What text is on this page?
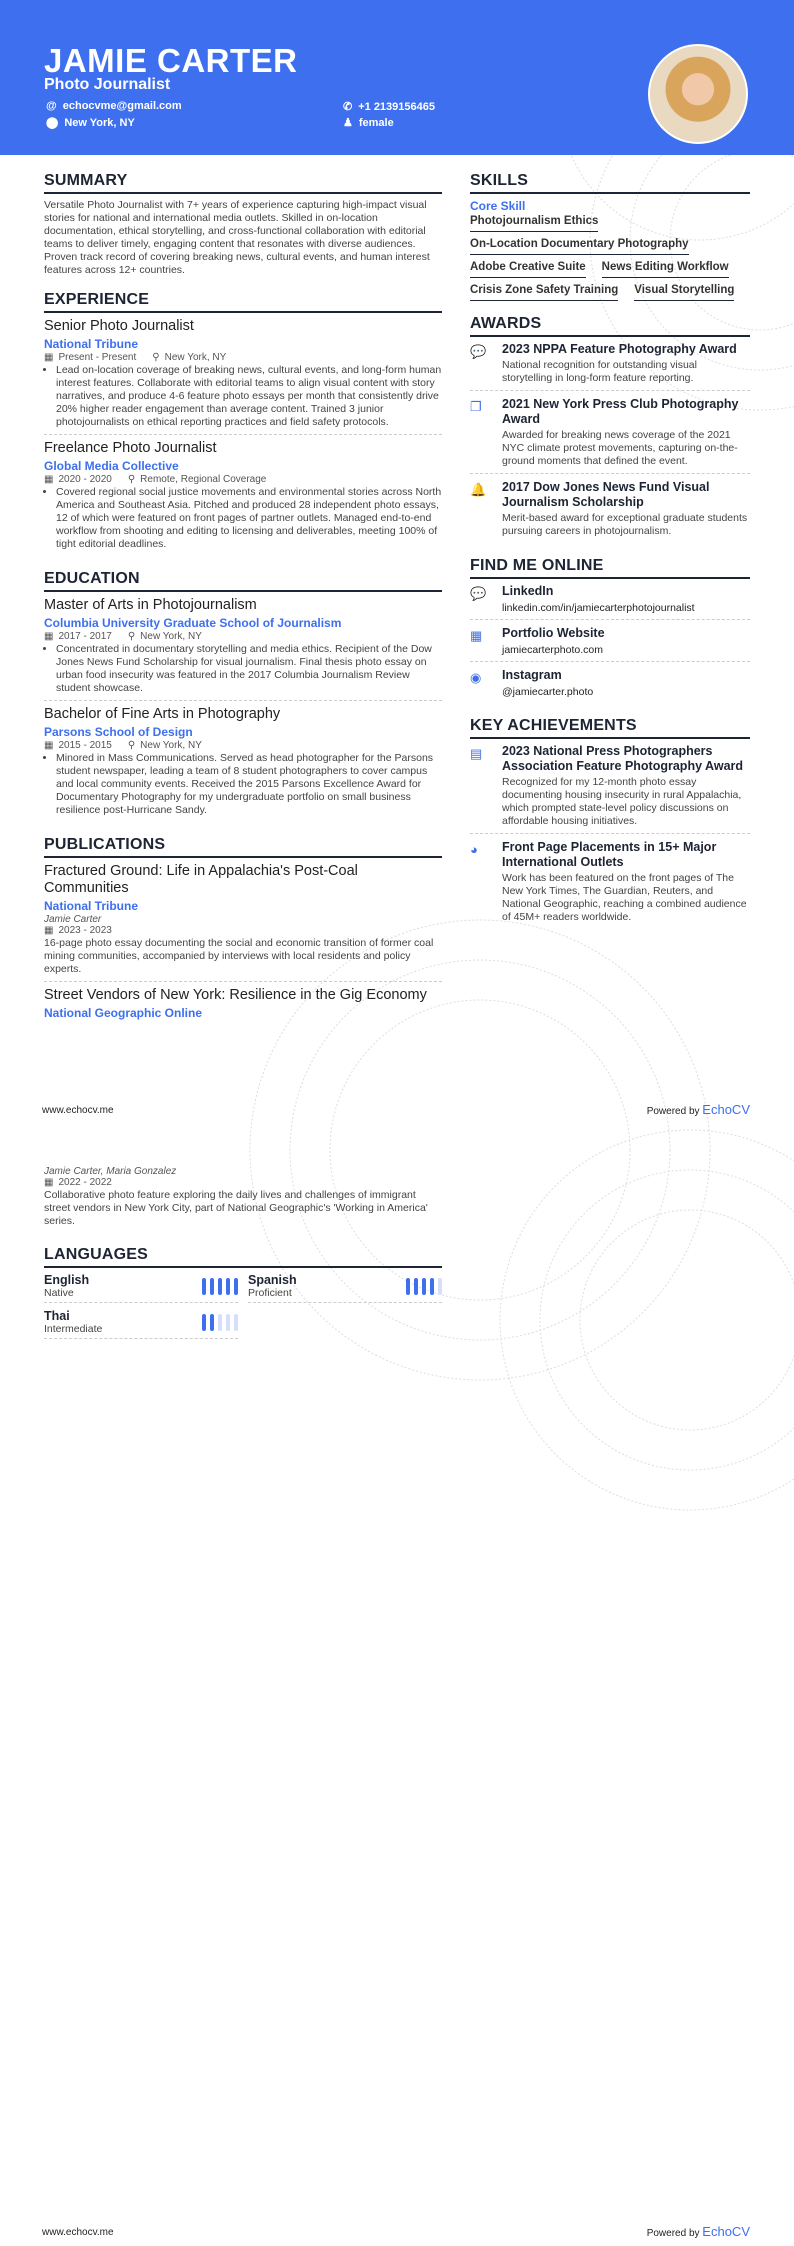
JAMIE CARTER
Photo Journalist
@ echocvme@gmail.com
⬤ New York, NY
✆ +1 2139156465
♟ female
SUMMARY

Versatile Photo Journalist with 7+ years of experience capturing high-impact visual stories for national and international media outlets. Skilled in on-location documentation, ethical storytelling, and cross-functional collaboration with editorial teams to deliver timely, engaging content that resonates with diverse audiences. Proven track record of covering breaking news, cultural events, and human interest features across 12+ countries.

EXPERIENCE
Senior Photo Journalist
National Tribune
▦ Present - Present ⚲ New York, NY
• Lead on-location coverage of breaking news, cultural events, and long-form human interest features. Collaborate with editorial teams to align visual content with story narratives, and produce 4-6 feature photo essays per month that consistently drive 20% higher reader engagement than average content. Trained 3 junior photojournalists on ethical reporting practices and field safety protocols.
Freelance Photo Journalist
Global Media Collective
▦ 2020 - 2020 ⚲ Remote, Regional Coverage
• Covered regional social justice movements and environmental stories across North America and Southeast Asia. Pitched and produced 28 independent photo essays, 12 of which were featured on front pages of partner outlets. Managed end-to-end workflow from shooting and editing to licensing and deliverables, meeting 100% of tight editorial deadlines.
EDUCATION
Master of Arts in Photojournalism
Columbia University Graduate School of Journalism
▦ 2017 - 2017 ⚲ New York, NY
• Concentrated in documentary storytelling and media ethics. Recipient of the Dow Jones News Fund Scholarship for visual journalism. Final thesis photo essay on urban food insecurity was featured in the 2017 Columbia Journalism Review student showcase.
Bachelor of Fine Arts in Photography
Parsons School of Design
▦ 2015 - 2015 ⚲ New York, NY
• Minored in Mass Communications. Served as head photographer for the Parsons student newspaper, leading a team of 8 student photographers to cover campus and local community events. Received the 2015 Parsons Excellence Award for Documentary Photography for my undergraduate portfolio on small business resilience post-Hurricane Sandy.
PUBLICATIONS
Fractured Ground: Life in Appalachia's Post-Coal Communities
National Tribune
Jamie Carter
▦ 2023 - 2023

16-page photo essay documenting the social and economic transition of former coal mining communities, accompanied by interviews with local residents and policy experts.

Street Vendors of New York: Resilience in the Gig Economy
National Geographic Online
SKILLS
Core Skill
Photojournalism Ethics
On-Location Documentary Photography
Adobe Creative Suite News Editing Workflow
Crisis Zone Safety Training Visual Storytelling
AWARDS
💬 2023 NPPA Feature Photography Award
National recognition for outstanding visual storytelling in long-form feature reporting.
❐	2021 New York Press Club Photography Award
Awarded for breaking news coverage of the 2021 NYC climate protest movements, capturing on-the-ground moments that defined the event.
🔔 2017 Dow Jones News Fund Visual Journalism Scholarship
Merit-based award for exceptional graduate students pursuing careers in photojournalism.
FIND ME ONLINE
💬 LinkedIn
linkedin.com/in/jamiecarterphotojournalist
▦	Portfolio Website
jamiecarterphoto.com
◉	Instagram
@jamiecarter.photo
KEY ACHIEVEMENTS
▤	2023 National Press Photographers Association Feature Photography Award
Recognized for my 12-month photo essay documenting housing insecurity in rural Appalachia, which prompted state-level policy discussions on affordable housing initiatives.
◕	Front Page Placements in 15+ Major International Outlets
Work has been featured on the front pages of The New York Times, The Guardian, Reuters, and National Geographic, reaching a combined audience of 45M+ readers worldwide.
www.echocv.me	Powered by EchoCV
Jamie Carter, Maria Gonzalez
▦ 2022 - 2022

Collaborative photo feature exploring the daily lives and challenges of immigrant street vendors in New York City, part of National Geographic's 'Working in America' series.

LANGUAGES
English
Native
Spanish
Proficient
Thai
Intermediate
www.echocv.me	Powered by EchoCV
